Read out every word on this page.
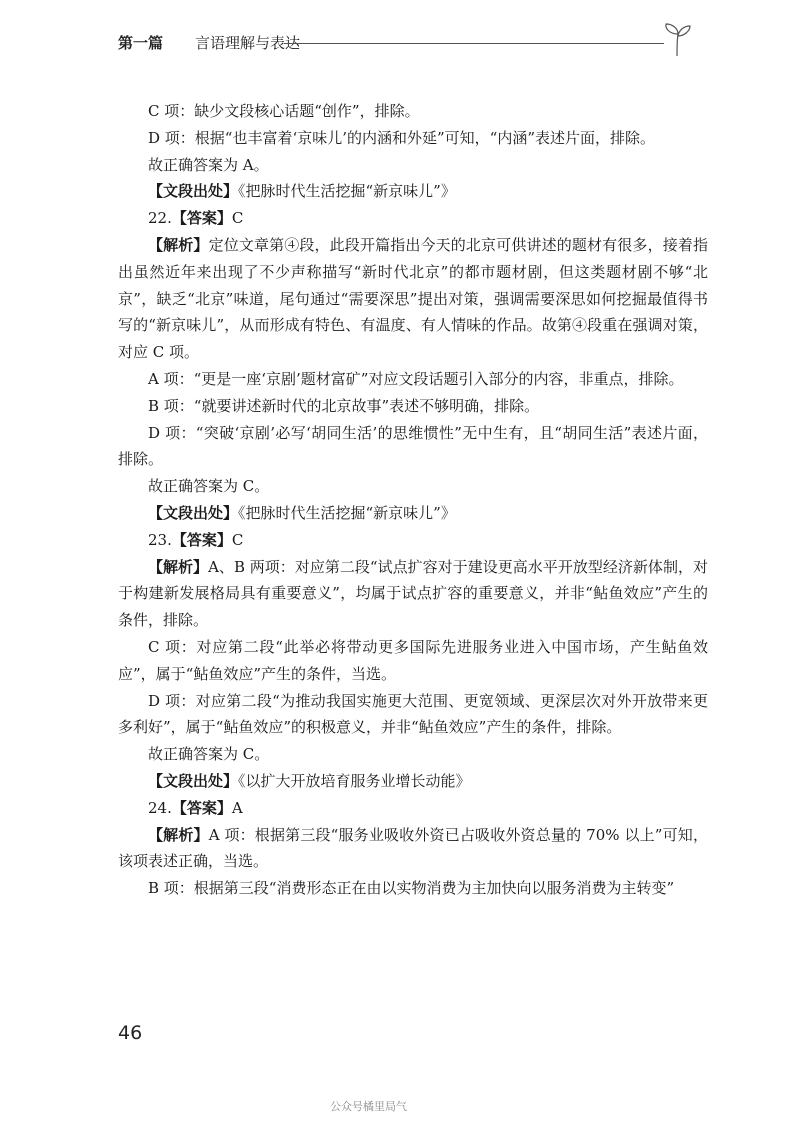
第一篇 言语理解与表达

C 项：缺少文段核心话题“创作”，排除。

D 项：根据“也丰富着‘京味儿’的内涵和外延”可知，“内涵”表述片面，排除。

故正确答案为 A。

【文段出处】《把脉时代生活挖掘“新京味儿”》

22.【答案】C

【解析】定位文章第④段，此段开篇指出今天的北京可供讲述的题材有很多，接着指出虽然近年来出现了不少声称描写“新时代北京”的都市题材剧，但这类题材剧不够“北京”，缺乏“北京”味道，尾句通过“需要深思”提出对策，强调需要深思如何挖掘最值得书写的“新京味儿”，从而形成有特色、有温度、有人情味的作品。故第④段重在强调对策，对应 C 项。

A 项：“更是一座‘京剧’题材富矿”对应文段话题引入部分的内容，非重点，排除。

B 项：“就要讲述新时代的北京故事”表述不够明确，排除。

D 项：“突破‘京剧’必写‘胡同生活’的思维惯性”无中生有，且“胡同生活”表述片面，排除。

故正确答案为 C。

【文段出处】《把脉时代生活挖掘“新京味儿”》

23.【答案】C

【解析】A、B 两项：对应第二段“试点扩容对于建设更高水平开放型经济新体制，对于构建新发展格局具有重要意义”，均属于试点扩容的重要意义，并非“鲇鱼效应”产生的条件，排除。

C 项：对应第二段“此举必将带动更多国际先进服务业进入中国市场，产生鲇鱼效应”，属于“鲇鱼效应”产生的条件，当选。

D 项：对应第二段“为推动我国实施更大范围、更宽领域、更深层次对外开放带来更多利好”，属于“鲇鱼效应”的积极意义，并非“鲇鱼效应”产生的条件，排除。

故正确答案为 C。

【文段出处】《以扩大开放培育服务业增长动能》

24.【答案】A

【解析】A 项：根据第三段“服务业吸收外资已占吸收外资总量的 70% 以上”可知，该项表述正确，当选。

B 项：根据第三段“消费形态正在由以实物消费为主加快向以服务消费为主转变”

46
公众号橘里局气
